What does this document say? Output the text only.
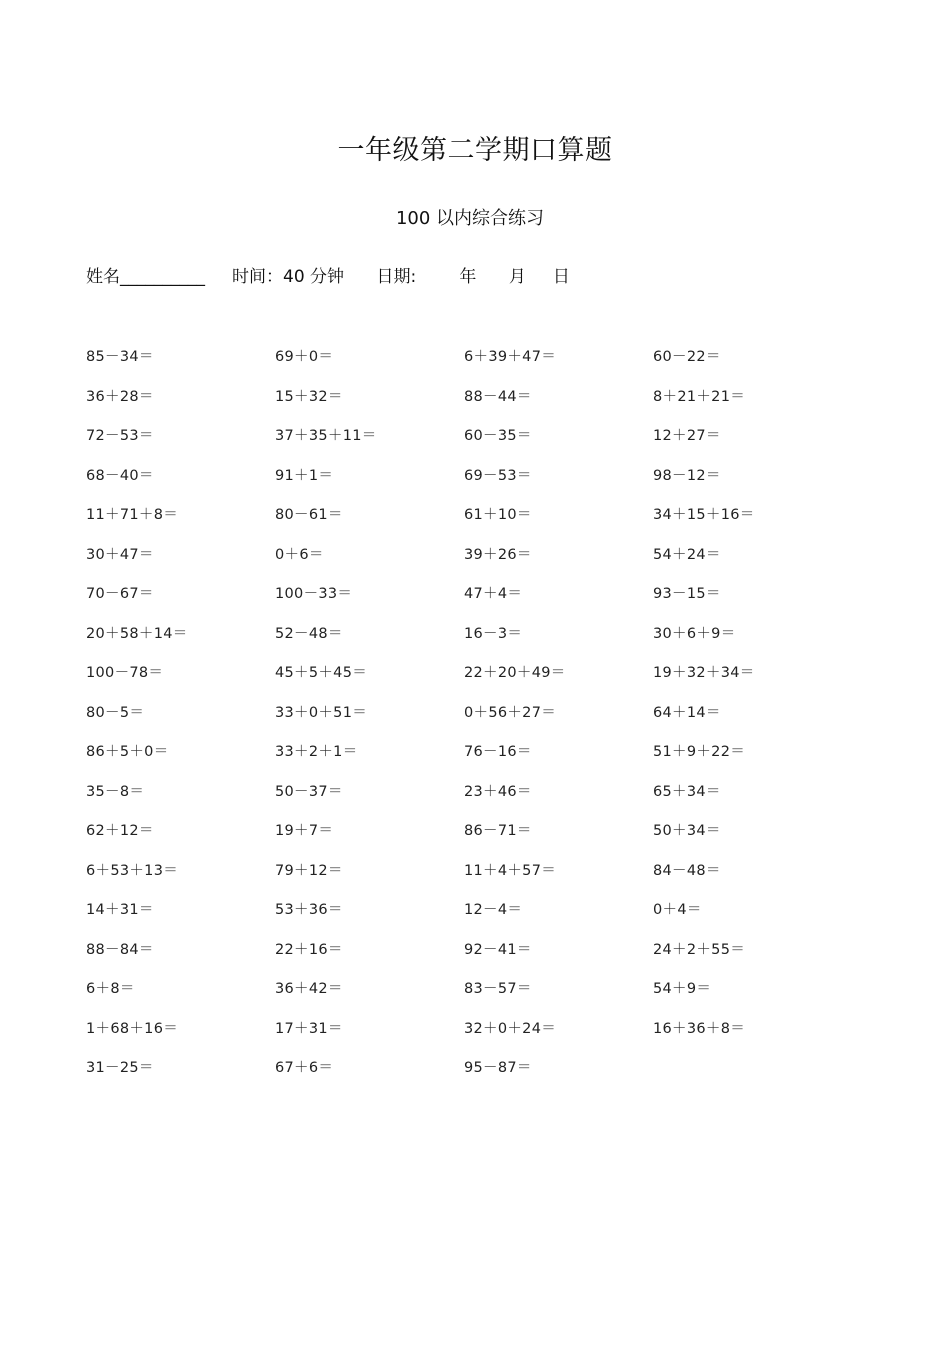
一年级第二学期口算题
100 以内综合练习
姓名__________     时间：40 分钟      日期:        年      月     日
85－34＝	69＋0＝	6＋39＋47＝	60－22＝
36＋28＝	15＋32＝	88－44＝	8＋21＋21＝
72－53＝	37＋35＋11＝	60－35＝	12＋27＝
68－40＝	91＋1＝	69－53＝	98－12＝
11＋71＋8＝	80－61＝	61＋10＝	34＋15＋16＝
30＋47＝	0＋6＝	39＋26＝	54＋24＝
70－67＝	100－33＝	47＋4＝	93－15＝
20＋58＋14＝	52－48＝	16－3＝	30＋6＋9＝
100－78＝	45＋5＋45＝	22＋20＋49＝	19＋32＋34＝
80－5＝	33＋0＋51＝	0＋56＋27＝	64＋14＝
86＋5＋0＝	33＋2＋1＝	76－16＝	51＋9＋22＝
35－8＝	50－37＝	23＋46＝	65＋34＝
62＋12＝	19＋7＝	86－71＝	50＋34＝
6＋53＋13＝	79＋12＝	11＋4＋57＝	84－48＝
14＋31＝	53＋36＝	12－4＝	0＋4＝
88－84＝	22＋16＝	92－41＝	24＋2＋55＝
6＋8＝	36＋42＝	83－57＝	54＋9＝
1＋68＋16＝	17＋31＝	32＋0＋24＝	16＋36＋8＝
31－25＝	67＋6＝	95－87＝
